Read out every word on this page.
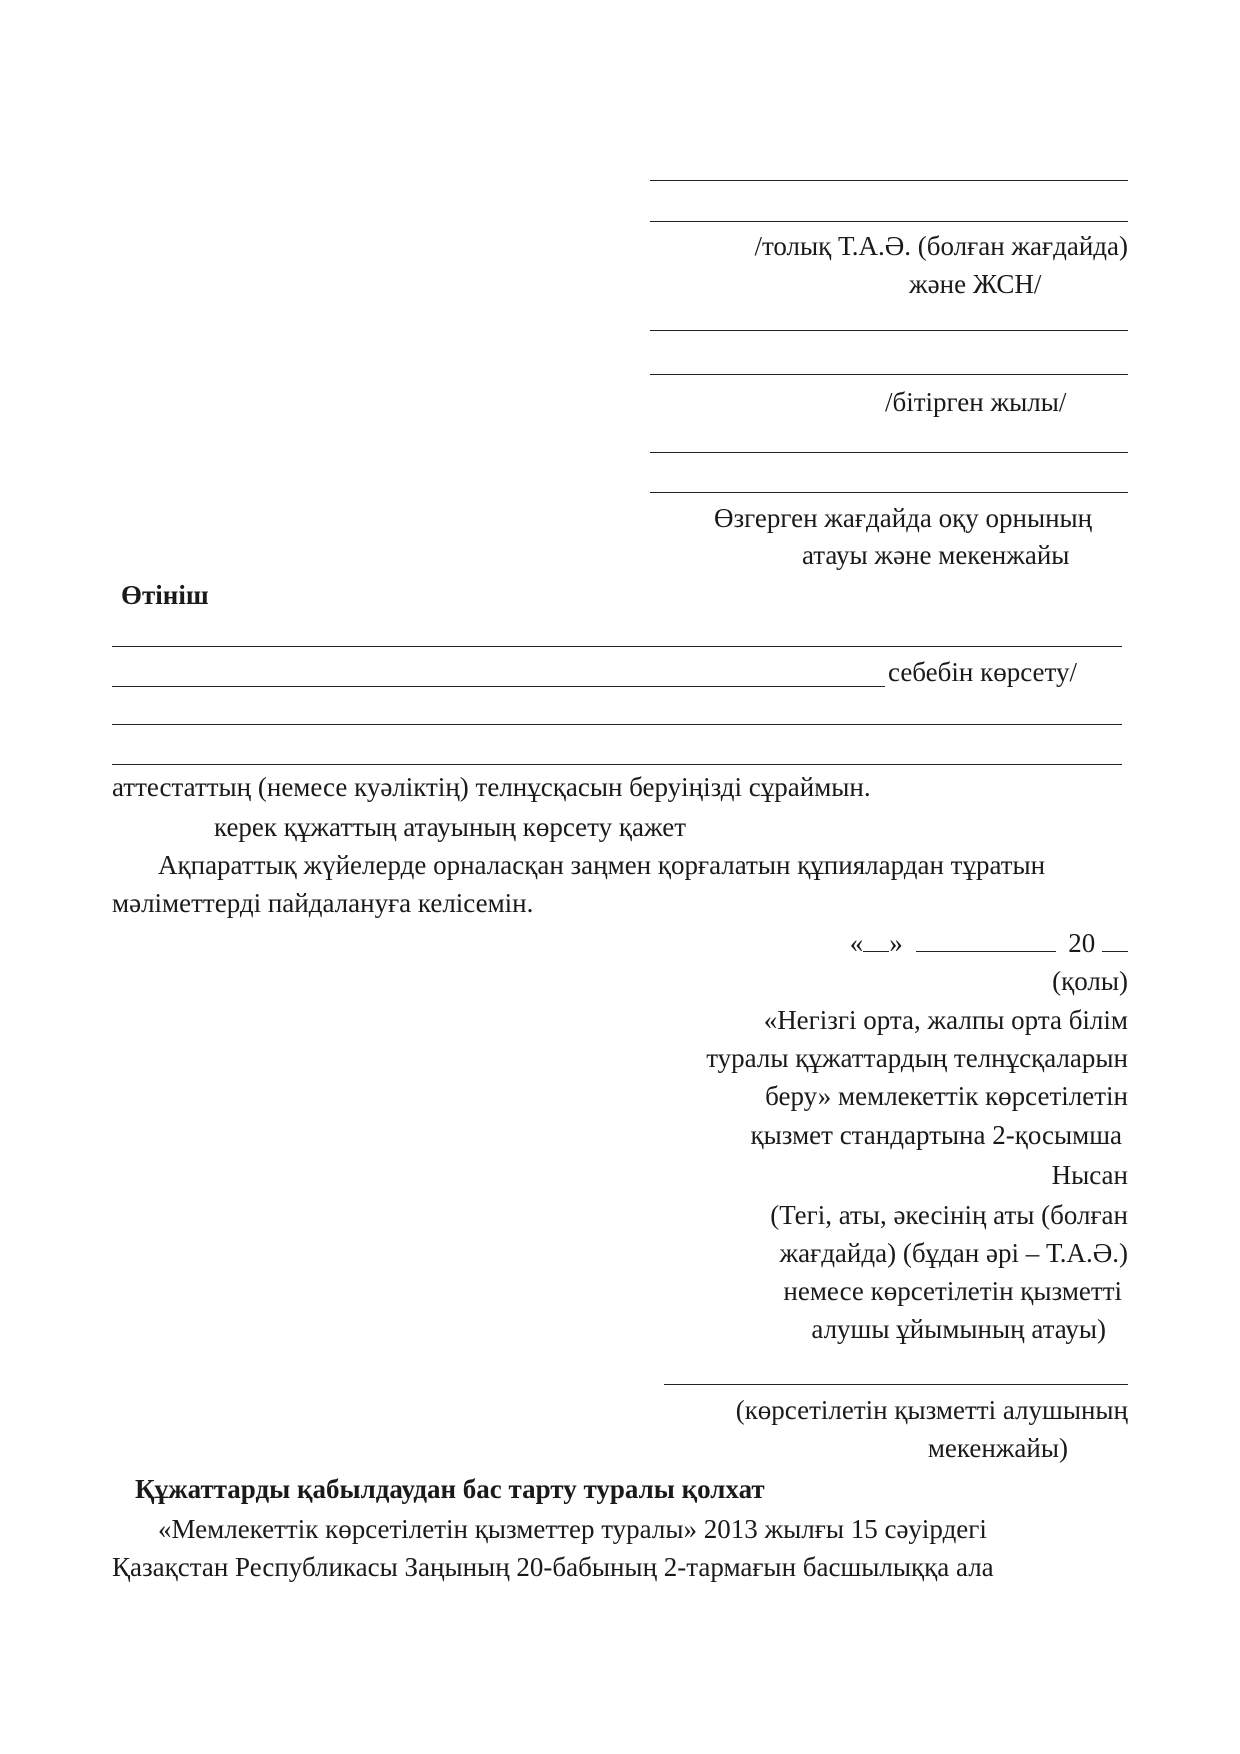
/толық Т.А.Ә. (болған жағдайда)
және ЖСН/
/бітірген жылы/
Өзгерген жағдайда оқу орнының
атауы және мекенжайы
Өтініш
себебін көрсету/
аттестаттың (немесе куәліктің) телнұсқасын беруіңізді сұраймын.
керек құжаттың атауының көрсету қажет
Ақпараттық жүйелерде орналасқан заңмен қорғалатын құпиялардан тұратын
мәліметтерді пайдалануға келісемін.
« »	20
(қолы)
«Негізгі орта, жалпы орта білім
туралы құжаттардың телнұсқаларын
беру» мемлекеттік көрсетілетін
қызмет стандартына 2-қосымша
Нысан
(Тегі, аты, әкесінің аты (болған
жағдайда) (бұдан әрі – Т.А.Ә.)
немесе көрсетілетін қызметті
алушы ұйымының атауы)
(көрсетілетін қызметті алушының
мекенжайы)
Құжаттарды қабылдаудан бас тарту туралы қолхат
«Мемлекеттік көрсетілетін қызметтер туралы» 2013 жылғы 15 сәуірдегі
Қазақстан Республикасы Заңының 20-бабының 2-тармағын басшылыққа ала
